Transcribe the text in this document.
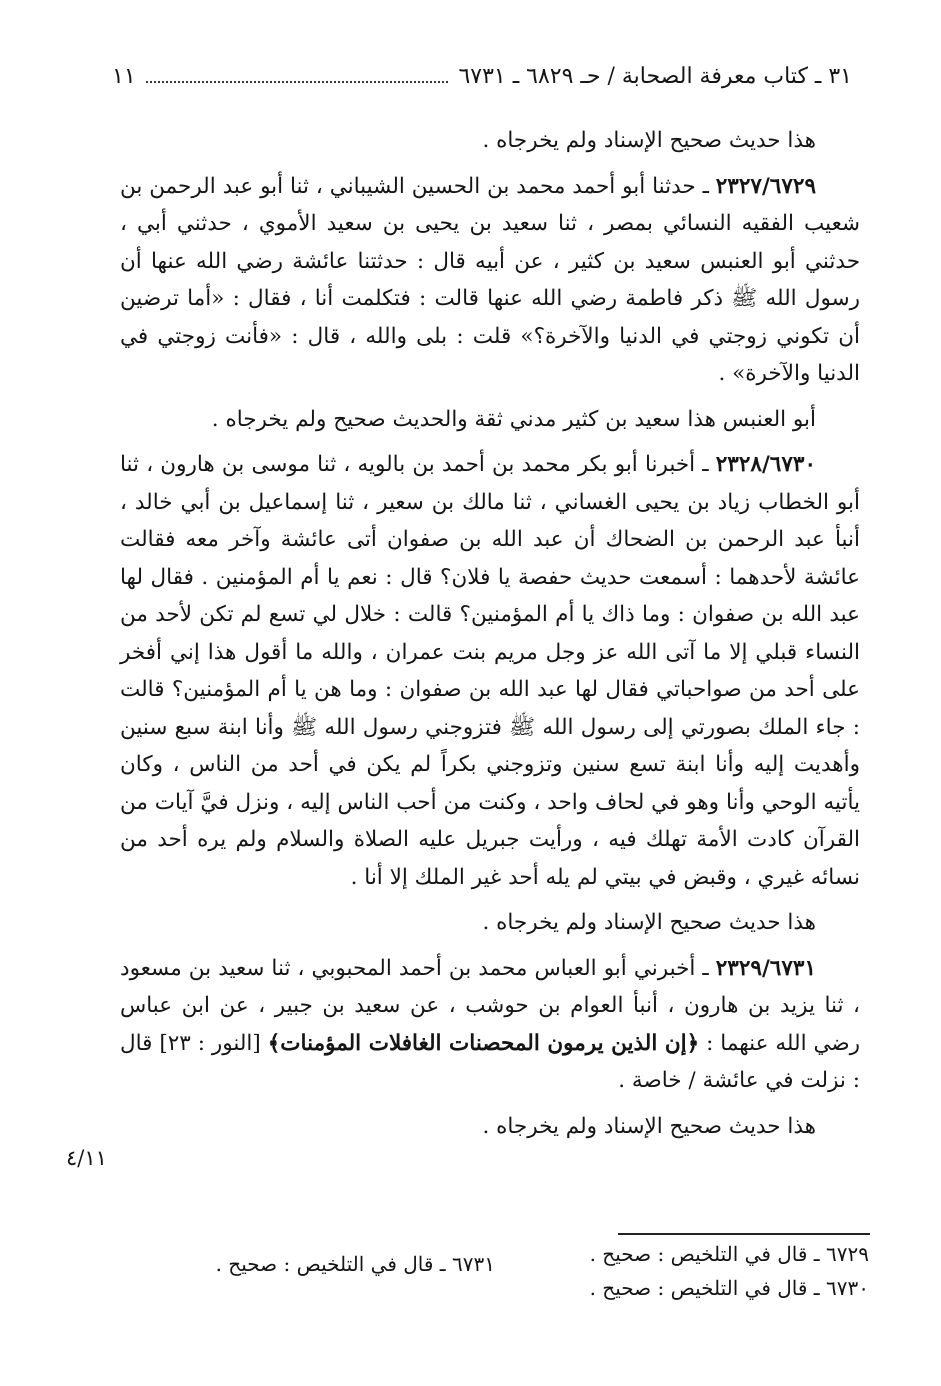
٣١ ـ كتاب معرفة الصحابة / حـ ٦٨٢٩ ـ ٦٧٣١
١١

هذا حديث صحيح الإسناد ولم يخرجاه .

٢٣٢٧/٦٧٢٩ ـ حدثنا أبو أحمد محمد بن الحسين الشيباني ، ثنا أبو عبد الرحمن بن شعيب الفقيه النسائي بمصر ، ثنا سعيد بن يحيى بن سعيد الأموي ، حدثني أبي ، حدثني أبو العنبس سعيد بن كثير ، عن أبيه قال : حدثتنا عائشة رضي الله عنها أن رسول الله ﷺ ذكر فاطمة رضي الله عنها قالت : فتكلمت أنا ، فقال : «أما ترضين أن تكوني زوجتي في الدنيا والآخرة؟» قلت : بلى والله ، قال : «فأنت زوجتي في الدنيا والآخرة» .

أبو العنبس هذا سعيد بن كثير مدني ثقة والحديث صحيح ولم يخرجاه .

٢٣٢٨/٦٧٣٠ ـ أخبرنا أبو بكر محمد بن أحمد بن بالويه ، ثنا موسى بن هارون ، ثنا أبو الخطاب زياد بن يحيى الغساني ، ثنا مالك بن سعير ، ثنا إسماعيل بن أبي خالد ، أنبأ عبد الرحمن بن الضحاك أن عبد الله بن صفوان أتى عائشة وآخر معه فقالت عائشة لأحدهما : أسمعت حديث حفصة يا فلان؟ قال : نعم يا أم المؤمنين . فقال لها عبد الله بن صفوان : وما ذاك يا أم المؤمنين؟ قالت : خلال لي تسع لم تكن لأحد من النساء قبلي إلا ما آتى الله عز وجل مريم بنت عمران ، والله ما أقول هذا إني أفخر على أحد من صواحباتي فقال لها عبد الله بن صفوان : وما هن يا أم المؤمنين؟ قالت : جاء الملك بصورتي إلى رسول الله ﷺ فتزوجني رسول الله ﷺ وأنا ابنة سبع سنين وأهديت إليه وأنا ابنة تسع سنين وتزوجني بكراً لم يكن في أحد من الناس ، وكان يأتيه الوحي وأنا وهو في لحاف واحد ، وكنت من أحب الناس إليه ، ونزل فيَّ آيات من القرآن كادت الأمة تهلك فيه ، ورأيت جبريل عليه الصلاة والسلام ولم يره أحد من نسائه غيري ، وقبض في بيتي لم يله أحد غير الملك إلا أنا .

هذا حديث صحيح الإسناد ولم يخرجاه .

٢٣٢٩/٦٧٣١ ـ أخبرني أبو العباس محمد بن أحمد المحبوبي ، ثنا سعيد بن مسعود ، ثنا يزيد بن هارون ، أنبأ العوام بن حوشب ، عن سعيد بن جبير ، عن ابن عباس رضي الله عنهما : ﴿إن الذين يرمون المحصنات الغافلات المؤمنات﴾ [النور : ٢٣] قال : نزلت في عائشة / خاصة .

هذا حديث صحيح الإسناد ولم يخرجاه .

٤/١١
٦٧٢٩ ـ قال في التلخيص : صحيح .
٦٧٣٠ ـ قال في التلخيص : صحيح .
٦٧٣١ ـ قال في التلخيص : صحيح .
